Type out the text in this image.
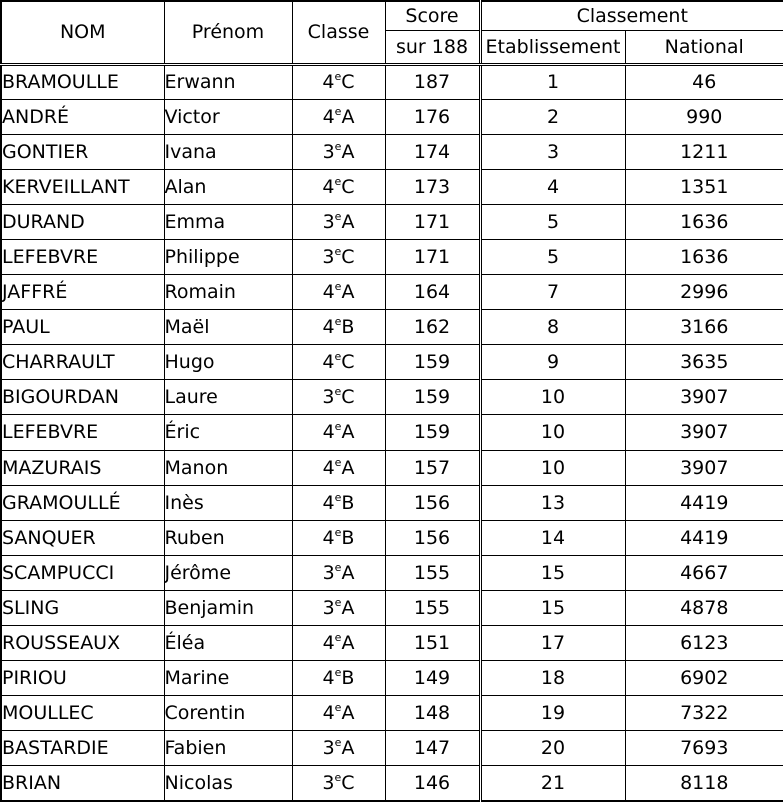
NOM	Prénom	Classe	Score	Classement	
			sur 188	Etablissement	National
BRAMOULLE	Erwann	4eC	187	1	46
ANDRÉ	Victor	4eA	176	2	990
GONTIER	Ivana	3eA	174	3	1211
KERVEILLANT	Alan	4eC	173	4	1351
DURAND	Emma	3eA	171	5	1636
LEFEBVRE	Philippe	3eC	171	5	1636
JAFFRÉ	Romain	4eA	164	7	2996
PAUL	Maël	4eB	162	8	3166
CHARRAULT	Hugo	4eC	159	9	3635
BIGOURDAN	Laure	3eC	159	10	3907
LEFEBVRE	Éric	4eA	159	10	3907
MAZURAIS	Manon	4eA	157	10	3907
GRAMOULLÉ	Inès	4eB	156	13	4419
SANQUER	Ruben	4eB	156	14	4419
SCAMPUCCI	Jérôme	3eA	155	15	4667
SLING	Benjamin	3eA	155	15	4878
ROUSSEAUX	Éléa	4eA	151	17	6123
PIRIOU	Marine	4eB	149	18	6902
MOULLEC	Corentin	4eA	148	19	7322
BASTARDIE	Fabien	3eA	147	20	7693
BRIAN	Nicolas	3eC	146	21	8118
